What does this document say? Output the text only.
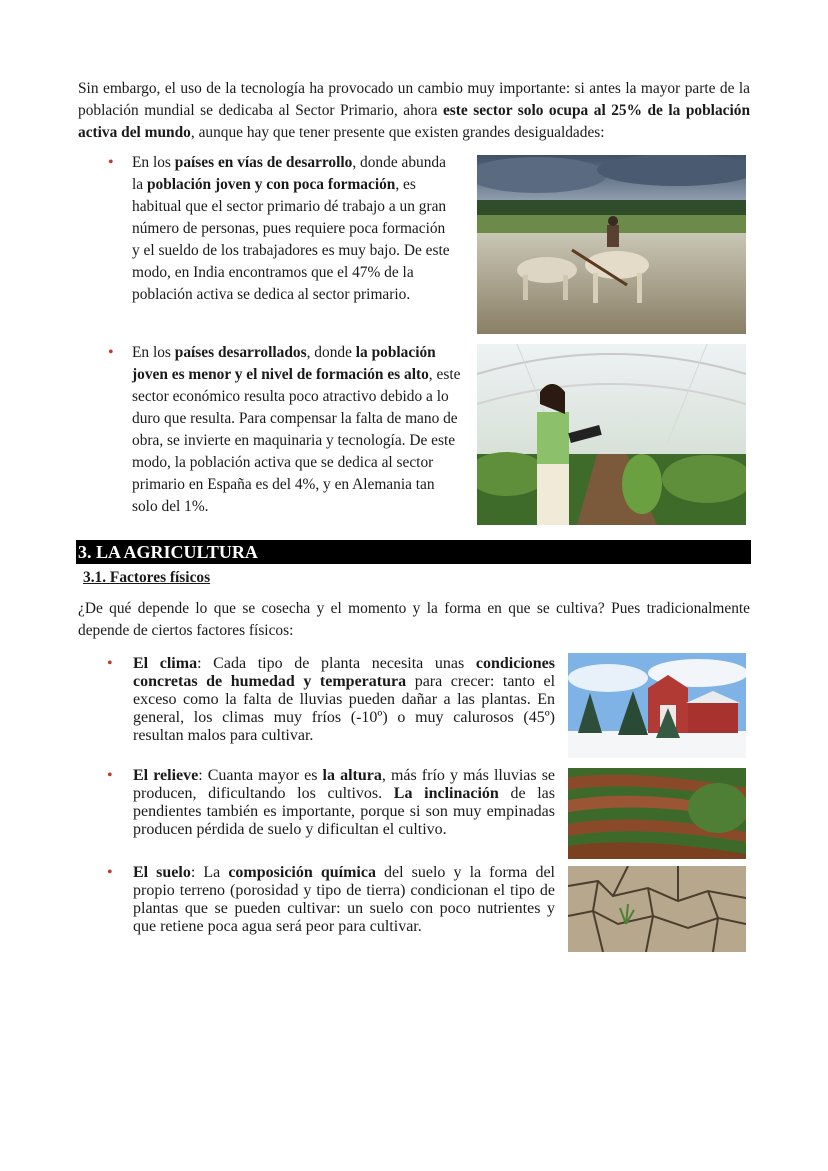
Sin embargo, el uso de la tecnología ha provocado un cambio muy importante: si antes la mayor parte de la población mundial se dedicaba al Sector Primario, ahora este sector solo ocupa al 25% de la población activa del mundo, aunque hay que tener presente que existen grandes desigualdades:

• En los países en vías de desarrollo, donde abunda la población joven y con poca formación, es habitual que el sector primario dé trabajo a un gran número de personas, pues requiere poca formación y el sueldo de los trabajadores es muy bajo. De este modo, en India encontramos que el 47% de la población activa se dedica al sector primario.

• En los países desarrollados, donde la población joven es menor y el nivel de formación es alto, este sector económico resulta poco atractivo debido a lo duro que resulta. Para compensar la falta de mano de obra, se invierte en maquinaria y tecnología. De este modo, la población activa que se dedica al sector primario en España es del 4%, y en Alemania tan solo del 1%.

3. LA AGRICULTURA
3.1. Factores físicos

¿De qué depende lo que se cosecha y el momento y la forma en que se cultiva? Pues tradicionalmente depende de ciertos factores físicos:

• El clima: Cada tipo de planta necesita unas condiciones concretas de humedad y temperatura para crecer: tanto el exceso como la falta de lluvias pueden dañar a las plantas. En general, los climas muy fríos (-10º) o muy calurosos (45º) resultan malos para cultivar.

• El relieve: Cuanta mayor es la altura, más frío y más lluvias se producen, dificultando los cultivos. La inclinación de las pendientes también es importante, porque si son muy empinadas producen pérdida de suelo y dificultan el cultivo.

• El suelo: La composición química del suelo y la forma del propio terreno (porosidad y tipo de tierra) condicionan el tipo de plantas que se pueden cultivar: un suelo con poco nutrientes y que retiene poca agua será peor para cultivar.
